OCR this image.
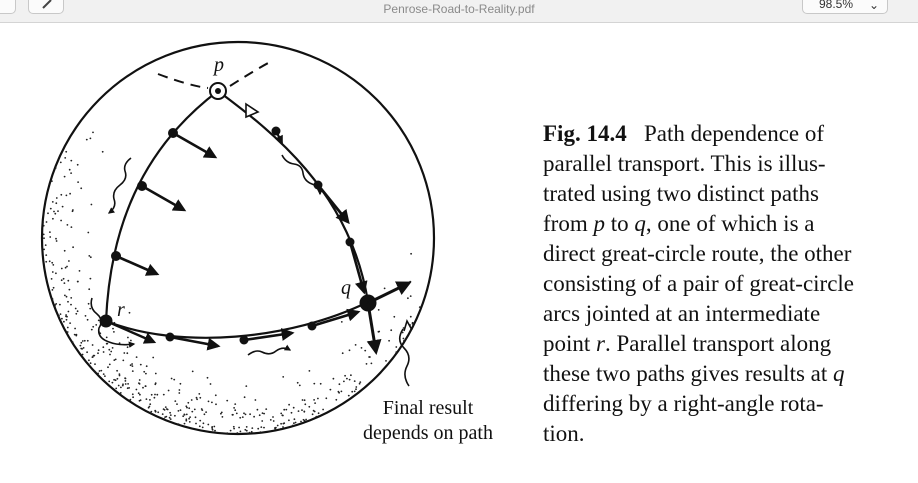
Penrose-Road-to-Reality.pdf	98.5% ⌄
p
q
r
Final result
depends on path
Fig. 14.4 Path dependence of
parallel transport. This is illus-
trated using two distinct paths
from p to q, one of which is a
direct great-circle route, the other
consisting of a pair of great-circle
arcs jointed at an intermediate
point r. Parallel transport along
these two paths gives results at q
differing by a right-angle rota-
tion.
